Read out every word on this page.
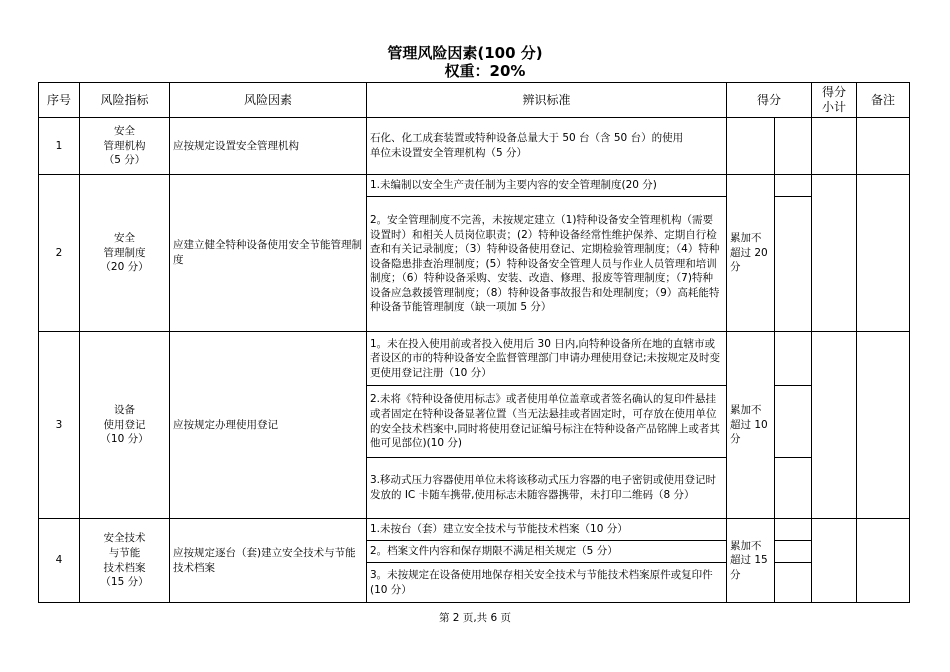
管理风险因素(100 分)
权重：20%
序号	风险指标	风险因素	辨识标准	得分		得分小计	备注
1	安全
管理机构
（5 分）	应按规定设置安全管理机构	石化、化工成套装置或特种设备总量大于 50 台（含 50 台）的使用
单位未设置安全管理机构（5 分）				
2	安全
管理制度
（20 分）	应建立健全特种设备使用安全节能管理制度	1.未编制以安全生产责任制为主要内容的安全管理制度(20 分)	累加不超过 20 分			
			2。安全管理制度不完善，未按规定建立（1)特种设备安全管理机构（需要设置时）和相关人员岗位职责；(2）特种设备经常性维护保养、定期自行检查和有关记录制度；（3）特种设备使用登记、定期检验管理制度；（4）特种设备隐患排查治理制度；(5）特种设备安全管理人员与作业人员管理和培训制度；（6）特种设备采购、安装、改造、修理、报废等管理制度；（7)特种设备应急救援管理制度；（8）特种设备事故报告和处理制度；（9）高耗能特种设备节能管理制度（缺一项加 5 分）				
3	设备
使用登记
（10 分）	应按规定办理使用登记	1。未在投入使用前或者投入使用后 30 日内,向特种设备所在地的直辖市或者设区的市的特种设备安全监督管理部门申请办理使用登记;未按规定及时变更使用登记注册（10 分）	累加不超过 10 分			
			2.未将《特种设备使用标志》或者使用单位盖章或者签名确认的复印件悬挂或者固定在特种设备显著位置（当无法悬挂或者固定时，可存放在使用单位的安全技术档案中,同时将使用登记证编号标注在特种设备产品铭牌上或者其他可见部位)(10 分)				
			3.移动式压力容器使用单位未将该移动式压力容器的电子密钥或使用登记时发放的 IC 卡随车携带,使用标志未随容器携带，未打印二维码（8 分）				
4	安全技术
与节能
技术档案
（15 分）	应按规定逐台（套)建立安全技术与节能技术档案	1.未按台（套）建立安全技术与节能技术档案（10 分）	累加不超过 15 分			
			2。档案文件内容和保存期限不满足相关规定（5 分）				
			3。未按规定在设备使用地保存相关安全技术与节能技术档案原件或复印件(10 分）				
第 2 页,共 6 页
